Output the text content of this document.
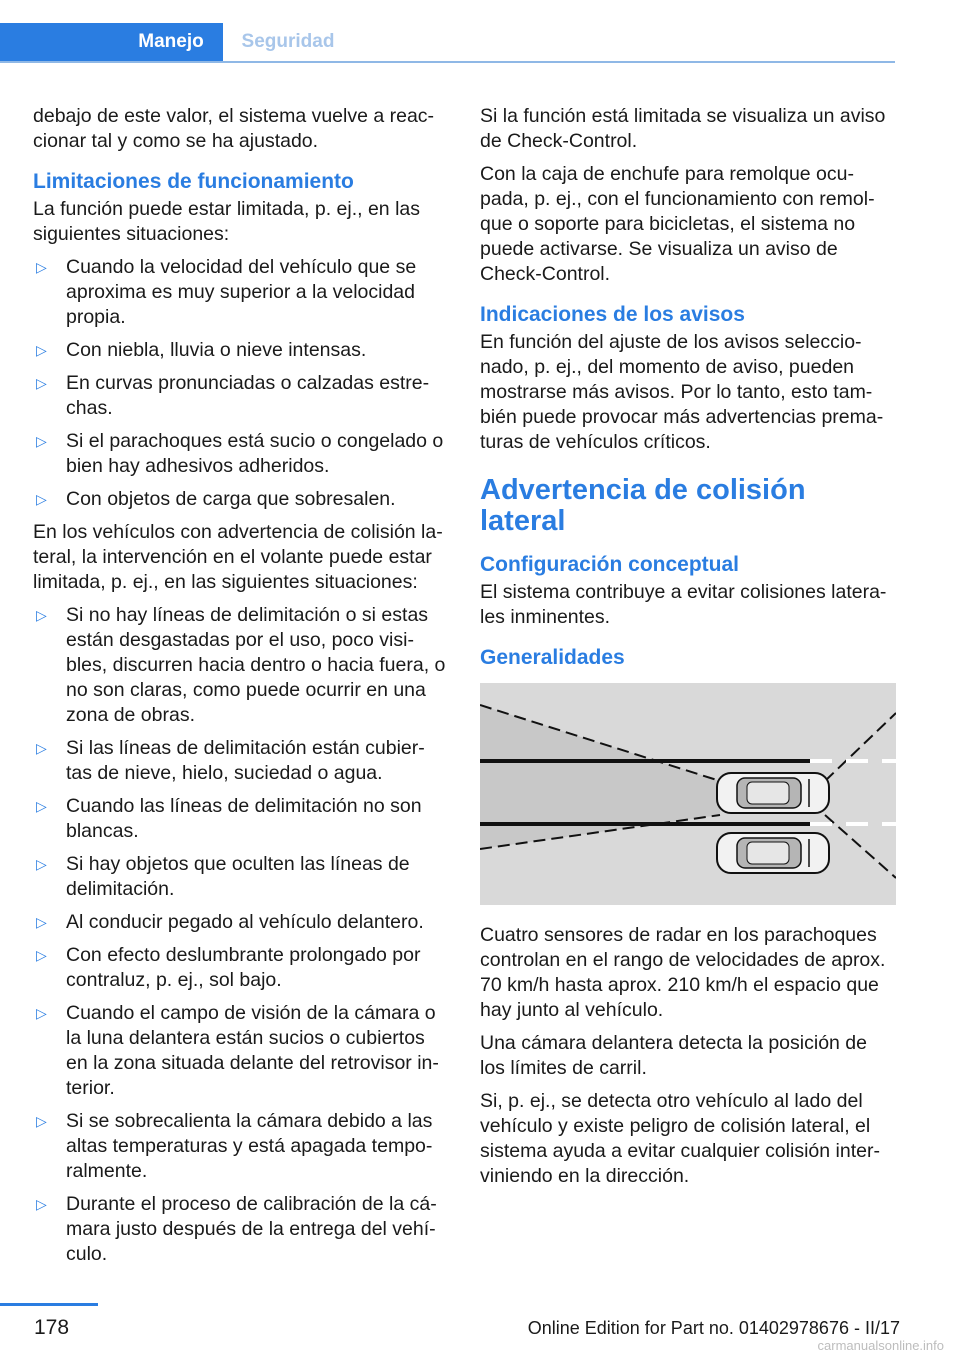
Manejo	Seguridad

debajo de este valor, el sistema vuelve a reac‐cionar tal y como se ha ajustado.

Limitaciones de funcionamiento

La función puede estar limitada, p. ej., en las siguientes situaciones:

▷ Cuando la velocidad del vehículo que se aproxima es muy superior a la velocidad propia.
▷ Con niebla, lluvia o nieve intensas.
▷ En curvas pronunciadas o calzadas estre‐chas.
▷ Si el parachoques está sucio o congelado o bien hay adhesivos adheridos.
▷ Con objetos de carga que sobresalen.

En los vehículos con advertencia de colisión la‐teral, la intervención en el volante puede estar limitada, p. ej., en las siguientes situaciones:

▷ Si no hay líneas de delimitación o si estas están desgastadas por el uso, poco visi‐bles, discurren hacia dentro o hacia fuera, o no son claras, como puede ocurrir en una zona de obras.
▷ Si las líneas de delimitación están cubier‐tas de nieve, hielo, suciedad o agua.
▷ Cuando las líneas de delimitación no son blancas.
▷ Si hay objetos que oculten las líneas de delimitación.
▷ Al conducir pegado al vehículo delantero.
▷ Con efecto deslumbrante prolongado por contraluz, p. ej., sol bajo.
▷ Cuando el campo de visión de la cámara o la luna delantera están sucios o cubiertos en la zona situada delante del retrovisor in‐terior.
▷ Si se sobrecalienta la cámara debido a las altas temperaturas y está apagada tempo‐ralmente.
▷ Durante el proceso de calibración de la cá‐mara justo después de la entrega del vehí‐culo.

Si la función está limitada se visualiza un aviso de Check-Control.

Con la caja de enchufe para remolque ocu‐pada, p. ej., con el funcionamiento con remol‐que o soporte para bicicletas, el sistema no puede activarse. Se visualiza un aviso de Check-Control.

Indicaciones de los avisos

En función del ajuste de los avisos seleccio‐nado, p. ej., del momento de aviso, pueden mostrarse más avisos. Por lo tanto, esto tam‐bién puede provocar más advertencias prema‐turas de vehículos críticos.

Advertencia de colisión lateral
Configuración conceptual

El sistema contribuye a evitar colisiones latera‐les inminentes.

Generalidades

Cuatro sensores de radar en los parachoques controlan en el rango de velocidades de aprox. 70 km/h hasta aprox. 210 km/h el espacio que hay junto al vehículo.

Una cámara delantera detecta la posición de los límites de carril.

Si, p. ej., se detecta otro vehículo al lado del vehículo y existe peligro de colisión lateral, el sistema ayuda a evitar cualquier colisión inter‐viniendo en la dirección.

178	Online Edition for Part no. 01402978676 - II/17
carmanualsonline.info
